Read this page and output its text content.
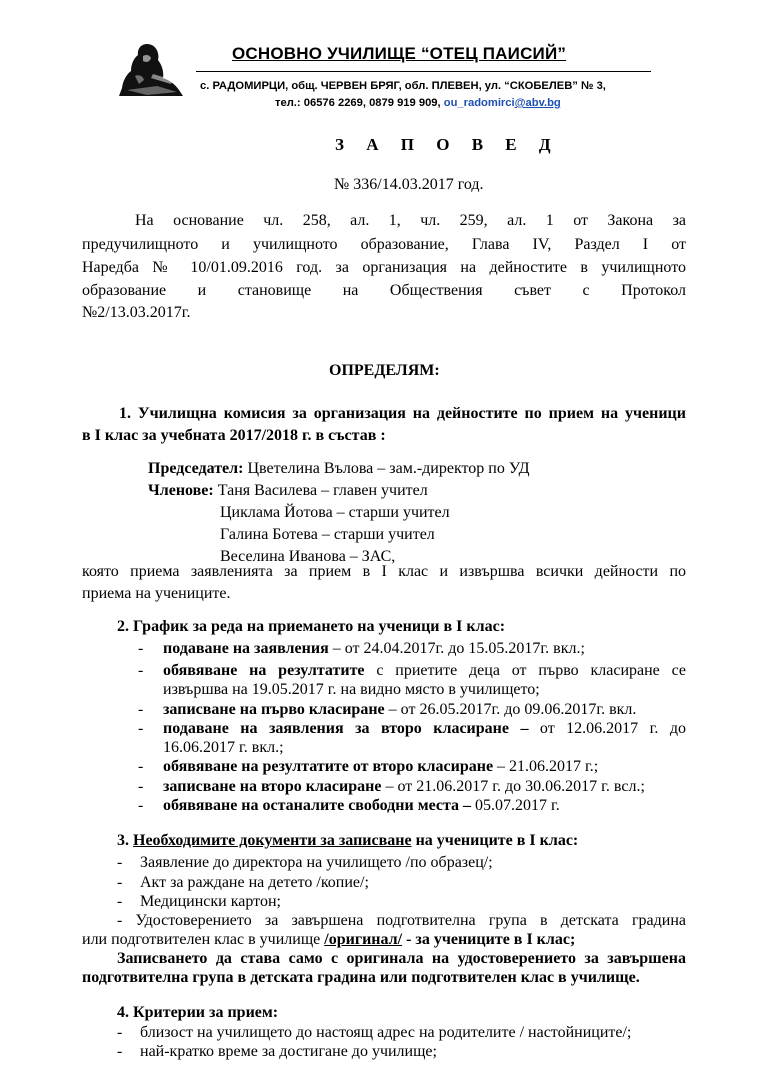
ОСНОВНО УЧИЛИЩЕ “ОТЕЦ ПАИСИЙ”
с. РАДОМИРЦИ, общ. ЧЕРВЕН БРЯГ, обл. ПЛЕВЕН, ул. “СКОБЕЛЕВ” № 3,
тел.: 06576 2269, 0879 919 909, ou_radomirci@abv.bg
З А П О В Е Д
№ 336/14.03.2017 год.
На основание чл. 258, ал. 1, чл. 259, ал. 1 от Закона за
предучилищното и училищното образование, Глава IV, Раздел I от
Наредба № 10/01.09.2016 год. за организация на дейностите в училищното
образование и становище на Обществения съвет с Протокол
№2/13.03.2017г.
ОПРЕДЕЛЯМ:
1. Училищна комисия за организация на дейностите по прием на ученици
в I клас за учебната 2017/2018 г. в състав :
Председател: Цветелина Вълова – зам.-директор по УД
Членове: Таня Василева – главен учител
Циклама Йотова – старши учител
Галина Ботева – старши учител
Веселина Иванова – ЗАС,
която приема заявленията за прием в I клас и извършва всички дейности по
приема на учениците.
2. График за реда на приемането на ученици в I клас:
- подаване на заявления – от 24.04.2017г. до 15.05.2017г. вкл.;
- обявяване на резултатите с приетите деца от първо класиране се
извършва на 19.05.2017 г. на видно място в училището;
- записване на първо класиране – от 26.05.2017г. до 09.06.2017г. вкл.
- подаване на заявления за второ класиране – от 12.06.2017 г. до
16.06.2017 г. вкл.;
- обявяване на резултатите от второ класиране – 21.06.2017 г.;
- записване на второ класиране – от 21.06.2017 г. до 30.06.2017 г. всл.;
- обявяване на останалите свободни места – 05.07.2017 г.
3. Необходимите документи за записване на учениците в I клас:
- Заявление до директора на училището /по образец/;
- Акт за раждане на детето /копие/;
- Медицински картон;
- Удостоверението за завършена подготвителна група в детската градина
или подготвителен клас в училище /оригинал/ - за учениците в I клас;
Записването да става само с оригинала на удостоверението за завършена
подготвителна група в детската градина или подготвителен клас в училище.
4. Критерии за прием:
- близост на училището до настоящ адрес на родителите / настойниците/;
- най-кратко време за достигане до училище;
